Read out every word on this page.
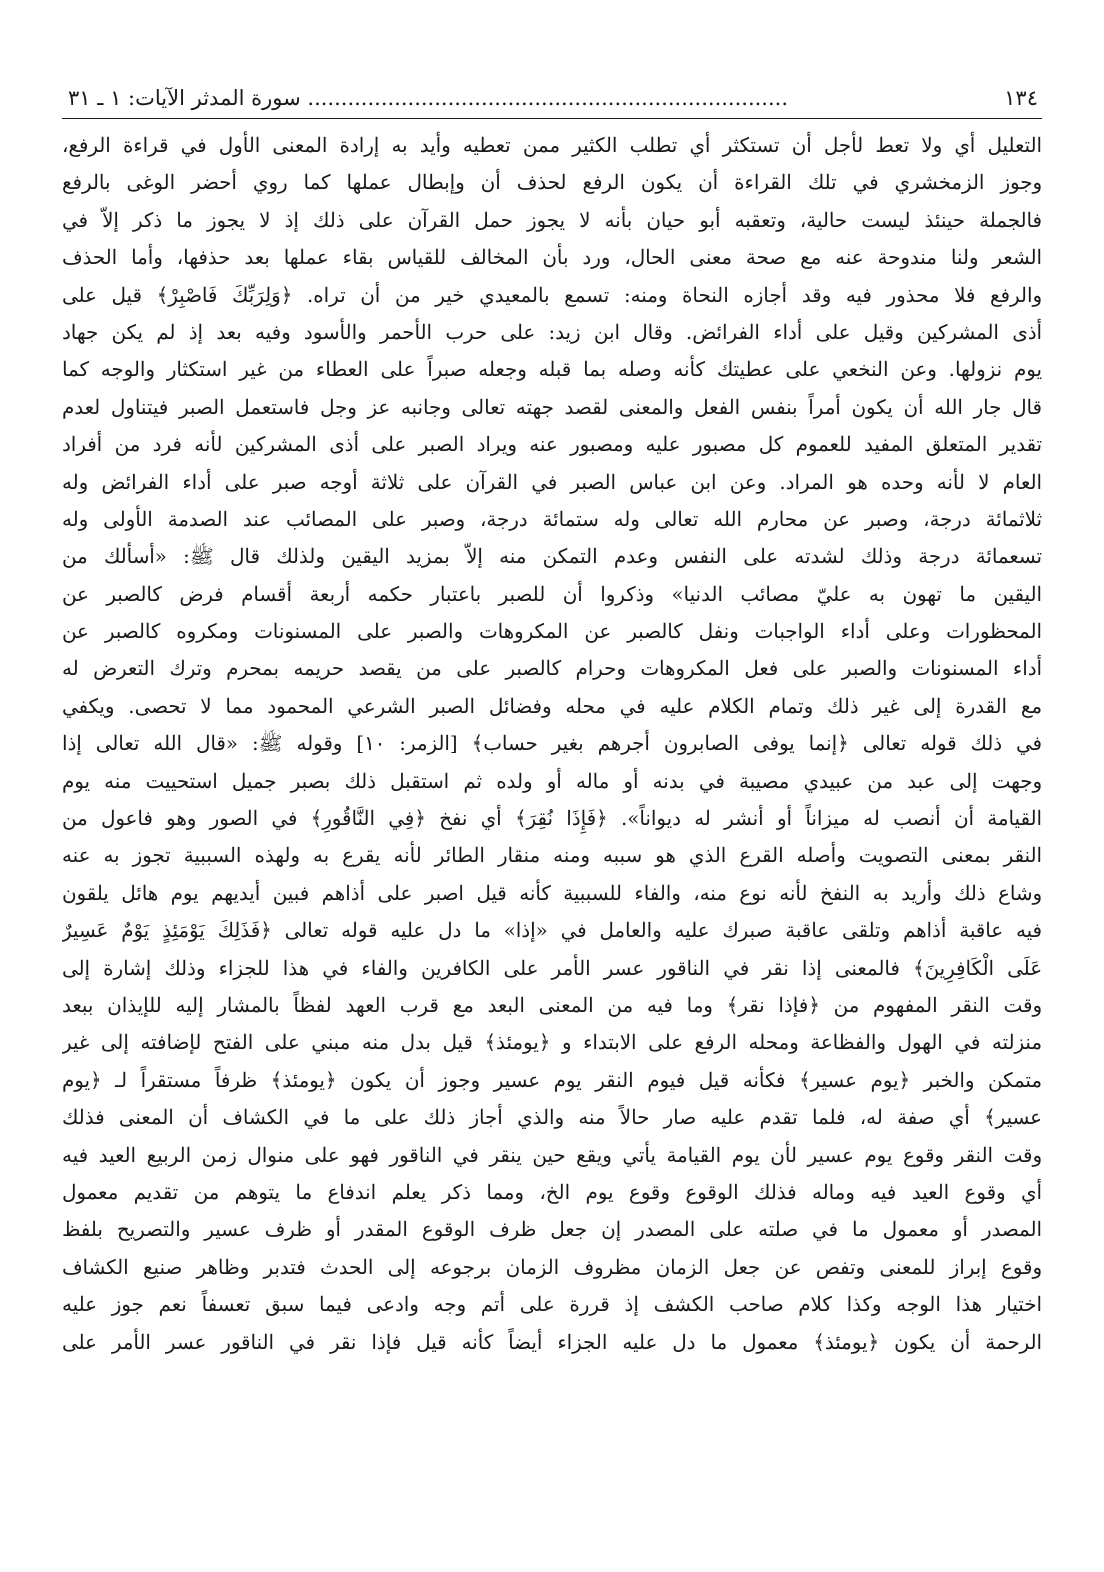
١٣٤
........................................................................ سورة المدثر الآيات: ١ ـ ٣١
التعليل أي ولا تعط لأجل أن تستكثر أي تطلب الكثير ممن تعطيه وأيد به إرادة المعنى الأول في قراءة الرفع،
وجوز الزمخشري في تلك القراءة أن يكون الرفع لحذف أن وإبطال عملها كما روي أحضر الوغى بالرفع
فالجملة حينئذ ليست حالية، وتعقبه أبو حيان بأنه لا يجوز حمل القرآن على ذلك إذ لا يجوز ما ذكر إلاّ في
الشعر ولنا مندوحة عنه مع صحة معنى الحال، ورد بأن المخالف للقياس بقاء عملها بعد حذفها، وأما الحذف
والرفع فلا محذور فيه وقد أجازه النحاة ومنه: تسمع بالمعيدي خير من أن تراه. ﴿وَلِرَبِّكَ فَاصْبِرْ﴾ قيل على
أذى المشركين وقيل على أداء الفرائض. وقال ابن زيد: على حرب الأحمر والأسود وفيه بعد إذ لم يكن جهاد
يوم نزولها. وعن النخعي على عطيتك كأنه وصله بما قبله وجعله صبراً على العطاء من غير استكثار والوجه كما
قال جار الله أن يكون أمراً بنفس الفعل والمعنى لقصد جهته تعالى وجانبه عز وجل فاستعمل الصبر فيتناول لعدم
تقدير المتعلق المفيد للعموم كل مصبور عليه ومصبور عنه ويراد الصبر على أذى المشركين لأنه فرد من أفراد
العام لا لأنه وحده هو المراد. وعن ابن عباس الصبر في القرآن على ثلاثة أوجه صبر على أداء الفرائض وله
ثلاثمائة درجة، وصبر عن محارم الله تعالى وله ستمائة درجة، وصبر على المصائب عند الصدمة الأولى وله
تسعمائة درجة وذلك لشدته على النفس وعدم التمكن منه إلاّ بمزيد اليقين ولذلك قال ﷺ: «أسألك من
اليقين ما تهون به عليّ مصائب الدنيا» وذكروا أن للصبر باعتبار حكمه أربعة أقسام فرض كالصبر عن
المحظورات وعلى أداء الواجبات ونفل كالصبر عن المكروهات والصبر على المسنونات ومكروه كالصبر عن
أداء المسنونات والصبر على فعل المكروهات وحرام كالصبر على من يقصد حريمه بمحرم وترك التعرض له
مع القدرة إلى غير ذلك وتمام الكلام عليه في محله وفضائل الصبر الشرعي المحمود مما لا تحصى. ويكفي
في ذلك قوله تعالى ﴿إنما يوفى الصابرون أجرهم بغير حساب﴾ [الزمر: ١٠] وقوله ﷺ: «قال الله تعالى إذا
وجهت إلى عبد من عبيدي مصيبة في بدنه أو ماله أو ولده ثم استقبل ذلك بصبر جميل استحييت منه يوم
القيامة أن أنصب له ميزاناً أو أنشر له ديواناً». ﴿فَإِذَا نُقِرَ﴾ أي نفخ ﴿فِي النَّاقُورِ﴾ في الصور وهو فاعول من
النقر بمعنى التصويت وأصله القرع الذي هو سببه ومنه منقار الطائر لأنه يقرع به ولهذه السببية تجوز به عنه
وشاع ذلك وأريد به النفخ لأنه نوع منه، والفاء للسببية كأنه قيل اصبر على أذاهم فبين أيديهم يوم هائل يلقون
فيه عاقبة أذاهم وتلقى عاقبة صبرك عليه والعامل في «إذا» ما دل عليه قوله تعالى ﴿فَذَلِكَ يَوْمَئِذٍ يَوْمٌ عَسِيرٌ
عَلَى الْكَافِرِينَ﴾ فالمعنى إذا نقر في الناقور عسر الأمر على الكافرين والفاء في هذا للجزاء وذلك إشارة إلى
وقت النقر المفهوم من ﴿فإذا نقر﴾ وما فيه من المعنى البعد مع قرب العهد لفظاً بالمشار إليه للإيذان ببعد
منزلته في الهول والفظاعة ومحله الرفع على الابتداء و ﴿يومئذ﴾ قيل بدل منه مبني على الفتح لإضافته إلى غير
متمكن والخبر ﴿يوم عسير﴾ فكأنه قيل فيوم النقر يوم عسير وجوز أن يكون ﴿يومئذ﴾ ظرفاً مستقراً لـ ﴿يوم
عسير﴾ أي صفة له، فلما تقدم عليه صار حالاً منه والذي أجاز ذلك على ما في الكشاف أن المعنى فذلك
وقت النقر وقوع يوم عسير لأن يوم القيامة يأتي ويقع حين ينقر في الناقور فهو على منوال زمن الربيع العيد فيه
أي وقوع العيد فيه وماله فذلك الوقوع وقوع يوم الخ، ومما ذكر يعلم اندفاع ما يتوهم من تقديم معمول
المصدر أو معمول ما في صلته على المصدر إن جعل ظرف الوقوع المقدر أو ظرف عسير والتصريح بلفظ
وقوع إبراز للمعنى وتفص عن جعل الزمان مظروف الزمان برجوعه إلى الحدث فتدبر وظاهر صنيع الكشاف
اختيار هذا الوجه وكذا كلام صاحب الكشف إذ قررة على أتم وجه وادعى فيما سبق تعسفاً نعم جوز عليه
الرحمة أن يكون ﴿يومئذ﴾ معمول ما دل عليه الجزاء أيضاً كأنه قيل فإذا نقر في الناقور عسر الأمر على
